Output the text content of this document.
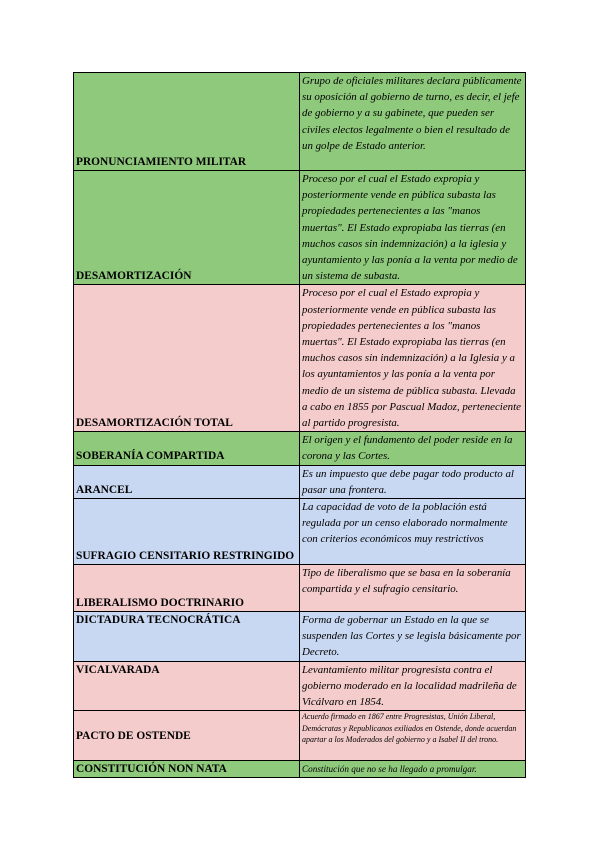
PRONUNCIAMIENTO MILITAR	Grupo de oficiales militares declara públicamente su oposición al gobierno de turno, es decir, el jefe de gobierno y a su gabinete, que pueden ser civiles electos legalmente o bien el resultado de un golpe de Estado anterior.
DESAMORTIZACIÓN	Proceso por el cual el Estado expropia y posteriormente vende en pública subasta las propiedades pertenecientes a las "manos muertas". El Estado expropiaba las tierras (en muchos casos sin indemnización) a la iglesia y ayuntamiento y las ponía a la venta por medio de un sistema de subasta.
DESAMORTIZACIÓN TOTAL	Proceso por el cual el Estado expropia y posteriormente vende en pública subasta las propiedades pertenecientes a los "manos muertas". El Estado expropiaba las tierras (en muchos casos sin indemnización) a la Iglesia y a los ayuntamientos y las ponía a la venta por medio de un sistema de pública subasta. Llevada a cabo en 1855 por Pascual Madoz, perteneciente al partido progresista.
SOBERANÍA COMPARTIDA	El origen y el fundamento del poder reside en la corona y las Cortes.
ARANCEL	Es un impuesto que debe pagar todo producto al pasar una frontera.
SUFRAGIO CENSITARIO RESTRINGIDO	La capacidad de voto de la población está regulada por un censo elaborado normalmente con criterios económicos muy restrictivos
LIBERALISMO DOCTRINARIO	Tipo de liberalismo que se basa en la soberanía compartida y el sufragio censitario.
DICTADURA TECNOCRÁTICA	Forma de gobernar un Estado en la que se suspenden las Cortes y se legisla básicamente por Decreto.
VICALVARADA	Levantamiento militar progresista contra el gobierno moderado en la localidad madrileña de Vicálvaro en 1854.
PACTO DE OSTENDE	Acuerdo firmado en 1867 entre Progresistas, Unión Liberal, Demócratas y Republicanos exiliados en Ostende, donde acuerdan apartar a los Moderados del gobierno y a Isabel II del trono.
CONSTITUCIÓN NON NATA	Constitución que no se ha llegado a promulgar.
